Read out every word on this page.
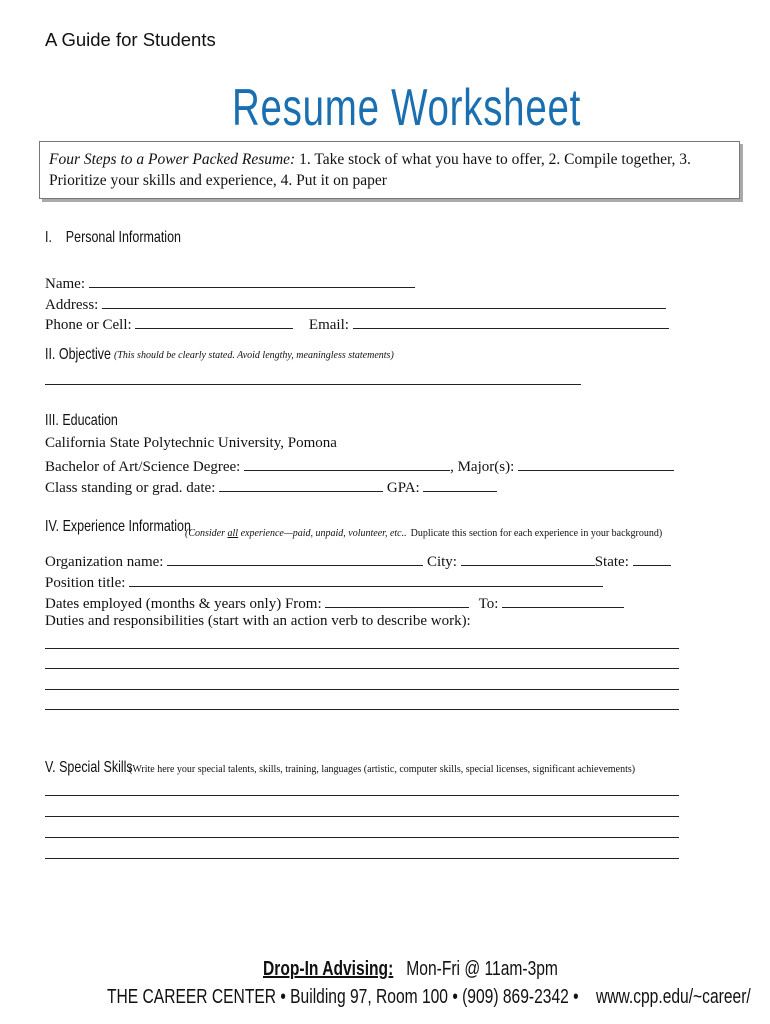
A Guide for Students
Resume Worksheet
Four Steps to a Power Packed Resume: 1. Take stock of what you have to offer, 2. Compile together, 3. Prioritize your skills and experience, 4. Put it on paper
I.    Personal Information
Name:
Address:
Phone or Cell:	Email:
II. Objective (This should be clearly stated. Avoid lengthy, meaningless statements)
III. Education
California State Polytechnic University, Pomona
Bachelor of Art/Science Degree:	, Major(s):
Class standing or grad. date:	GPA:
IV. Experience Information
(Consider all experience—paid, unpaid, volunteer, etc.. Duplicate this section for each experience in your background)
Organization name:	City:	State:
Position title:
Dates employed (months & years only) From:	To:
Duties and responsibilities (start with an action verb to describe work):
V. Special Skills
(Write here your special talents, skills, training, languages (artistic, computer skills, special licenses, significant achievements)
Drop-In Advising: Mon-Fri @ 11am-3pm
THE CAREER CENTER • Building 97, Room 100 • (909) 869-2342 • www.cpp.edu/~career/
